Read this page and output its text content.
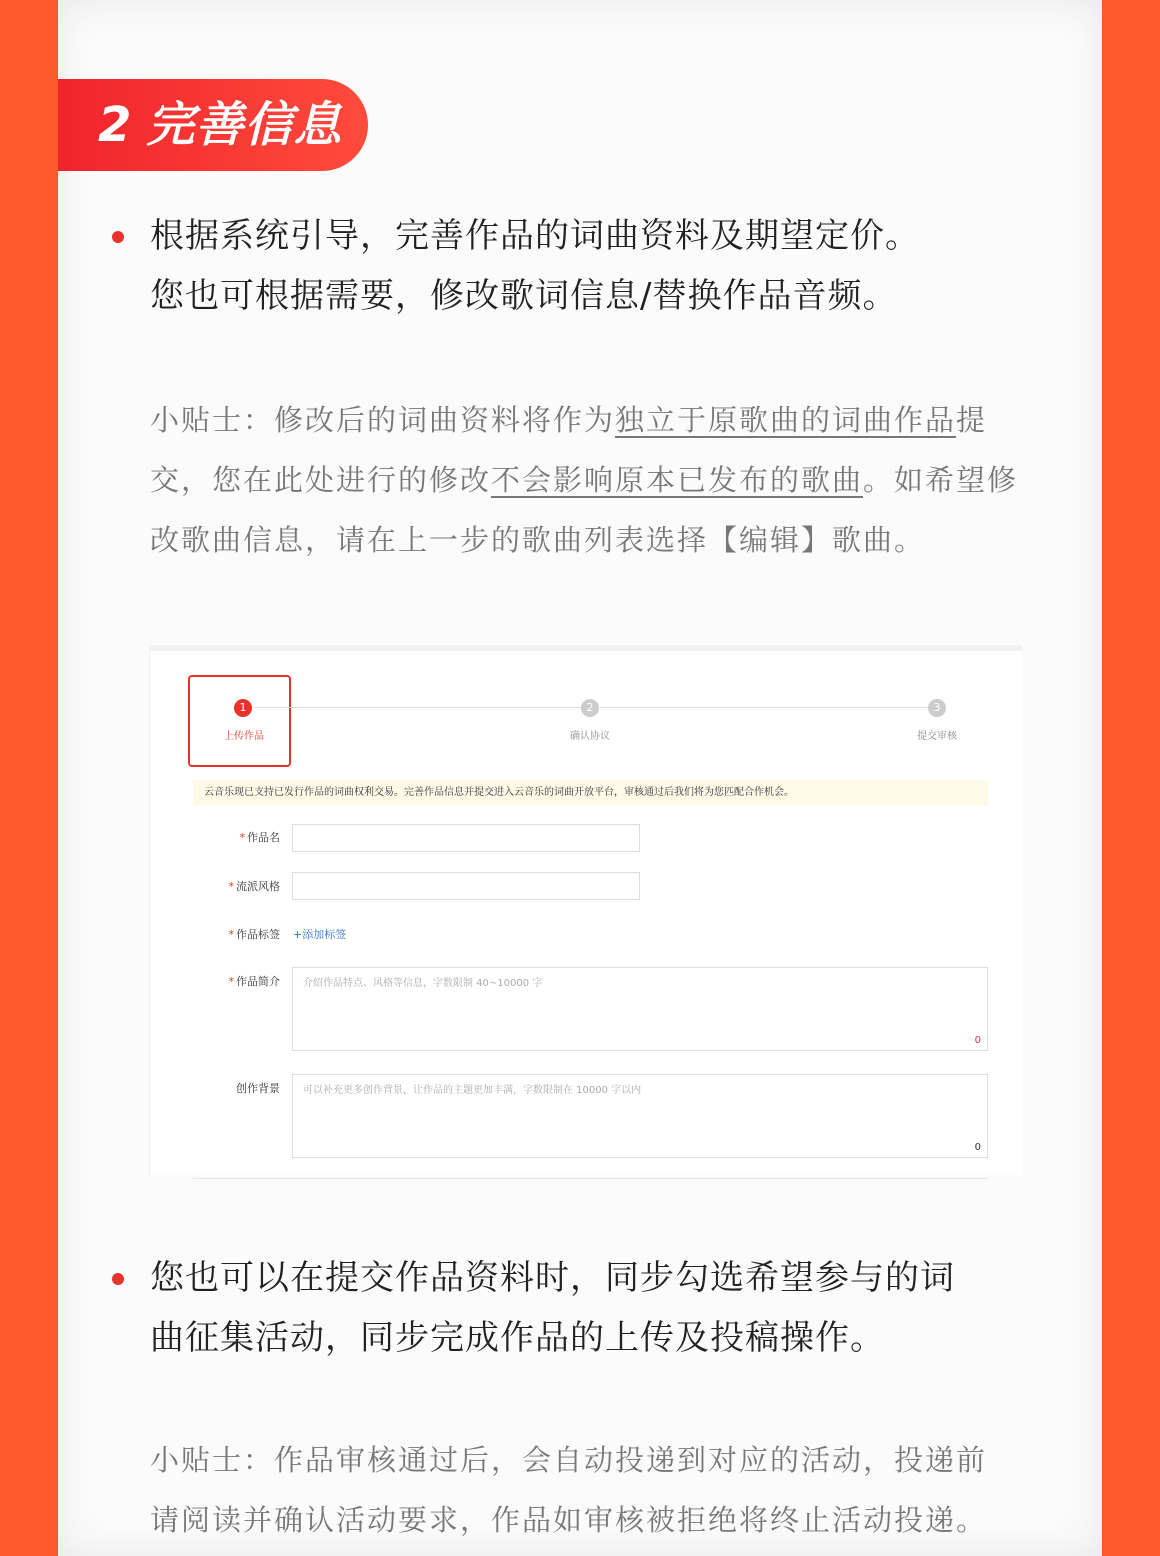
2 完善信息
根据系统引导，完善作品的词曲资料及期望定价。
您也可根据需要，修改歌词信息/替换作品音频。
小贴士：修改后的词曲资料将作为独立于原歌曲的词曲作品提交，您在此处进行的修改不会影响原本已发布的歌曲。如希望修改歌曲信息，请在上一步的歌曲列表选择【编辑】歌曲。
1
上传作品
2
确认协议
3
提交审核
云音乐现已支持已发行作品的词曲权利交易。完善作品信息并提交进入云音乐的词曲开放平台，审核通过后我们将为您匹配合作机会。
* 作品名
* 流派风格
* 作品标签 +添加标签
* 作品简介 介绍作品特点、风格等信息，字数限制 40~10000 字
0
创作背景 可以补充更多创作背景，让作品的主题更加丰满，字数限制在 10000 字以内
0
您也可以在提交作品资料时，同步勾选希望参与的词
曲征集活动，同步完成作品的上传及投稿操作。
小贴士：作品审核通过后，会自动投递到对应的活动，投递前
请阅读并确认活动要求，作品如审核被拒绝将终止活动投递。
